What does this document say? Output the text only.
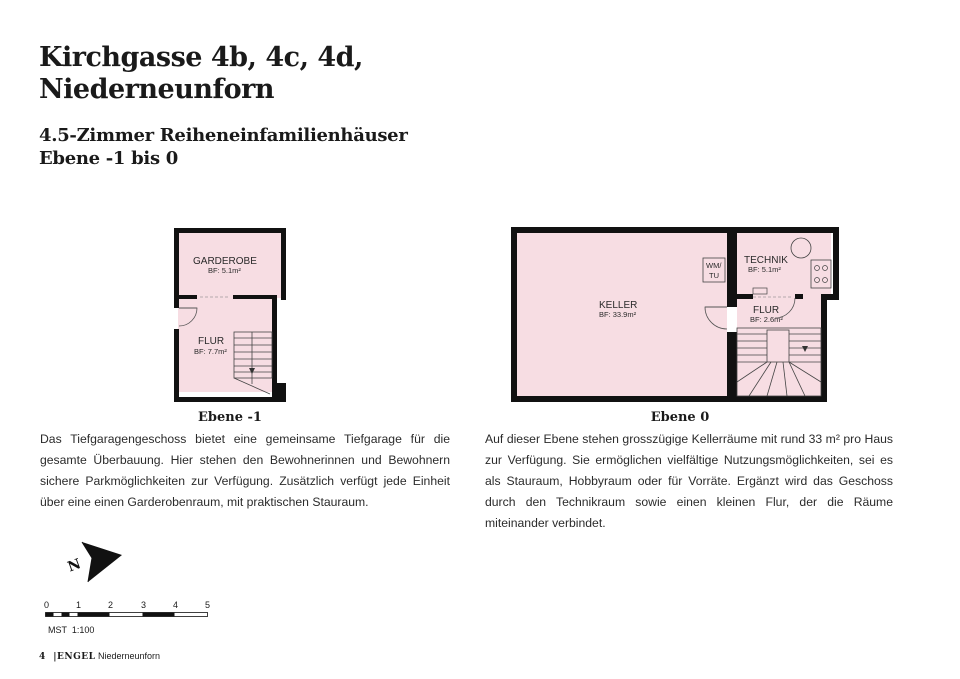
Kirchgasse 4b, 4c, 4d,
Niederneunforn
4.5-Zimmer Reiheneinfamilienhäuser
Ebene -1 bis 0
GARDEROBE
BF: 5.1m²
FLUR
BF: 7.7m²
WM/
TU
KELLER
BF: 33.9m²
TECHNIK
BF: 5.1m²
FLUR
BF: 2.6m²
Ebene -1	Ebene 0

Das Tiefgaragengeschoss bietet eine gemeinsame Tiefgarage für die gesamte Überbauung. Hier stehen den Bewohnerinnen und Bewohnern sichere Parkmöglichkeiten zur Verfügung. Zusätzlich verfügt jede Einheit über eine einen Garderobenraum, mit praktischen Stauraum.

Auf dieser Ebene stehen grosszügige Kellerräume mit rund 33 m² pro Haus zur Verfügung. Sie ermöglichen vielfältige Nutzungsmöglichkeiten, sei es als Stauraum, Hobbyraum oder für Vorräte. Ergänzt wird das Geschoss durch den Technikraum sowie einen kleinen Flur, der die Räume miteinander verbindet.

N
0	1	2	3	4	5
MST  1:100
4 |ENGEL Niederneunforn
